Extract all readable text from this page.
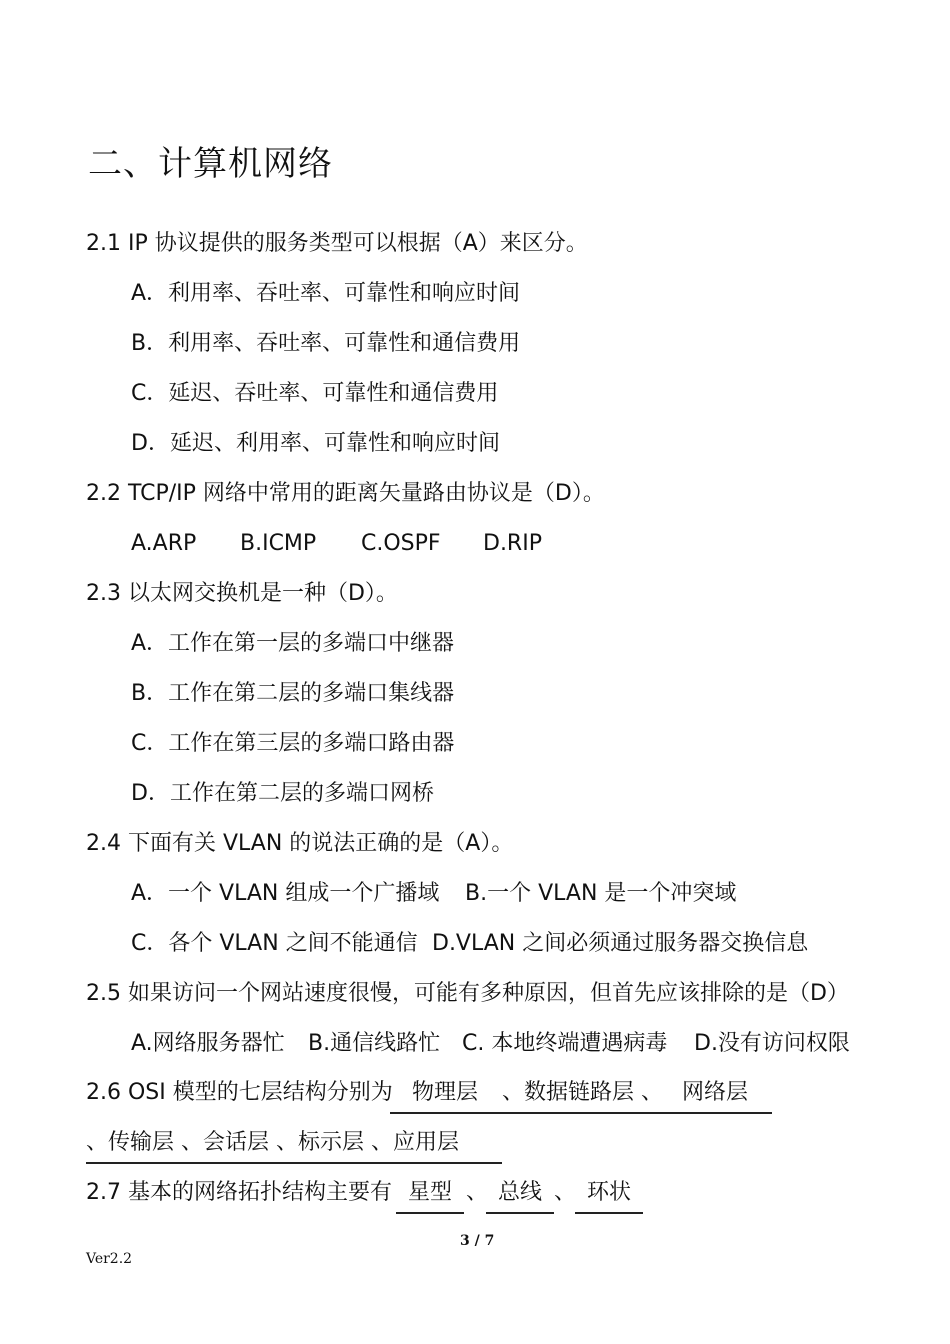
二、计算机网络
2.1 IP 协议提供的服务类型可以根据（A）来区分。
A．利用率、吞吐率、可靠性和响应时间
B．利用率、吞吐率、可靠性和通信费用
C．延迟、吞吐率、可靠性和通信费用
D．延迟、利用率、可靠性和响应时间
2.2 TCP/IP 网络中常用的距离矢量路由协议是（D）。
A.ARP B.ICMP C.OSPF D.RIP
2.3 以太网交换机是一种（D）。
A．工作在第一层的多端口中继器
B．工作在第二层的多端口集线器
C．工作在第三层的多端口路由器
D．工作在第二层的多端口网桥
2.4 下面有关 VLAN 的说法正确的是（A）。
A．一个 VLAN 组成一个广播域 B.一个 VLAN 是一个冲突域
C．各个 VLAN 之间不能通信 D.VLAN 之间必须通过服务器交换信息
2.5 如果访问一个网站速度很慢，可能有多种原因，但首先应该排除的是（D）
A.网络服务器忙 B.通信线路忙 C. 本地终端遭遇病毒 D.没有访问权限
2.6 OSI 模型的七层结构分别为 物理层 、数据链路层 、 网络层
、传输层 、会话层 、标示层 、应用层
2.7 基本的网络拓扑结构主要有 星型 、 总线 、 环状
3 / 7
Ver2.2
